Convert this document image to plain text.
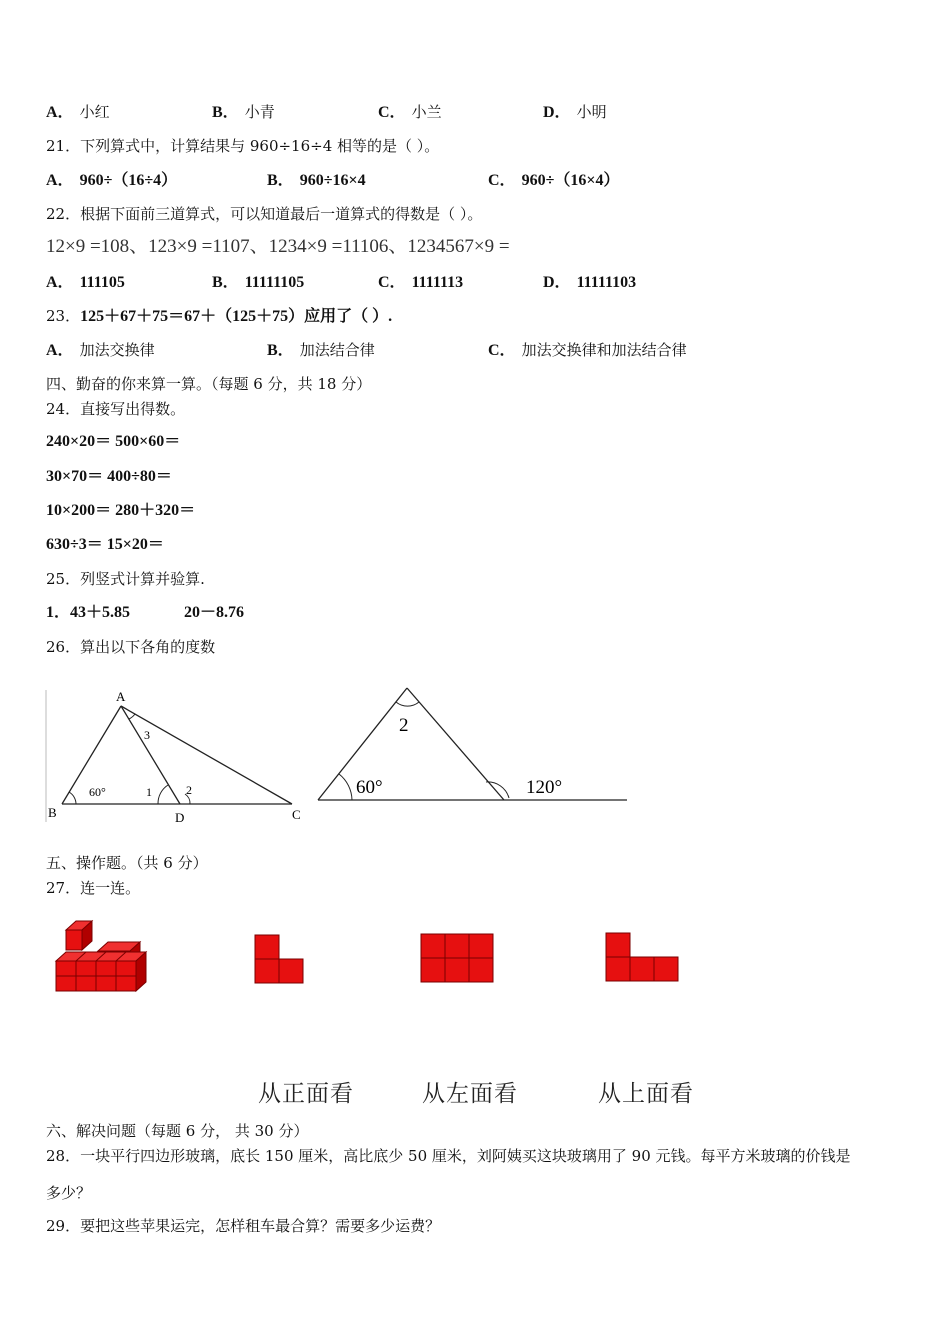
A． 小红	B． 小青	C． 小兰	D． 小明
21．下列算式中，计算结果与 960÷16÷4 相等的是（ ）。
A． 960÷（16÷4）	B． 960÷16×4	C． 960÷（16×4）
22．根据下面前三道算式，可以知道最后一道算式的得数是（ ）。
12×9 =108、123×9 =1107、1234×9 =11106、1234567×9 =
A． 111105	B． 11111105	C． 1111113	D． 11111103
23．125＋67＋75＝67＋（125＋75）应用了（ ）.
A． 加法交换律	B． 加法结合律	C． 加法交换律和加法结合律
四、勤奋的你来算一算。（每题 6 分，共 18 分）
24．直接写出得数。
240×20＝ 500×60＝
30×70＝ 400÷80＝
10×200＝ 280＋320＝
630÷3＝ 15×20＝
25．列竖式计算并验算.
1．43＋5.85	20－8.76
26．算出以下各角的度数
A
B	C
D
60°	1	2
3	2
60°	120°
五、操作题。（共 6 分）
27．连一连。
从正面看	从左面看	从上面看
六、解决问题（每题 6 分， 共 30 分）
28．一块平行四边形玻璃，底长 150 厘米，高比底少 50 厘米，刘阿姨买这块玻璃用了 90 元钱。每平方米玻璃的价钱是
多少？
29．要把这些苹果运完，怎样租车最合算？需要多少运费？
